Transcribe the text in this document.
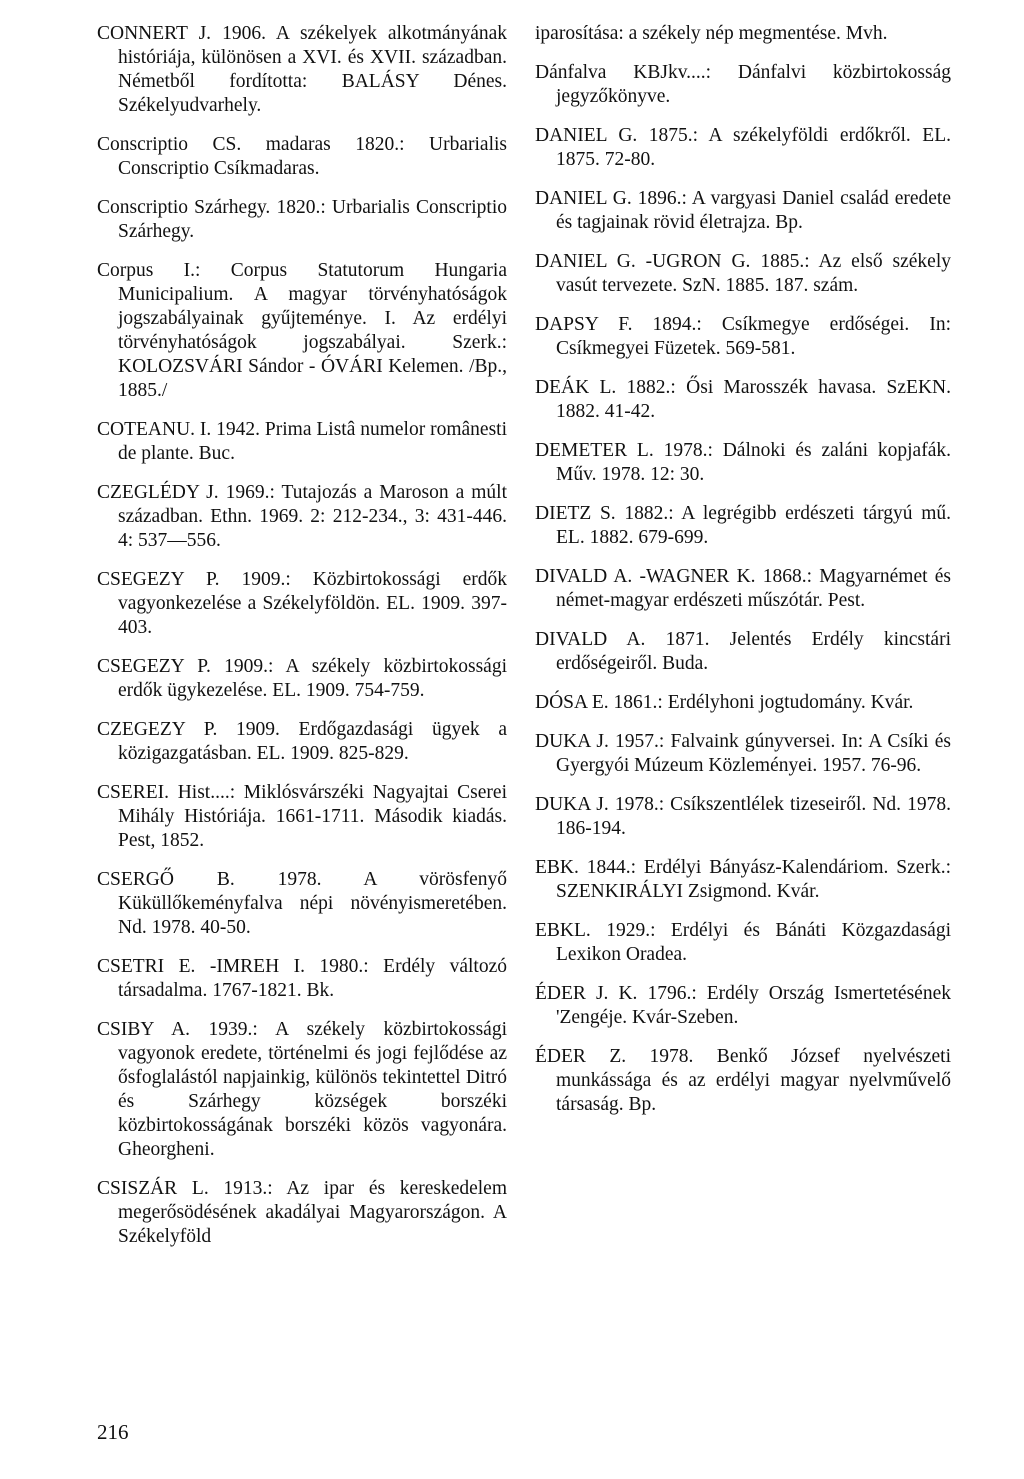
CONNERT J. 1906. A székelyek alkotmányának históriája, különösen a XVI. és XVII. században. Németből fordította: BALÁSY Dénes. Székelyudvarhely.

Conscriptio CS. madaras 1820.: Urbarialis Conscriptio Csíkmadaras.

Conscriptio Szárhegy. 1820.: Urbarialis Conscriptio Szárhegy.

Corpus I.: Corpus Statutorum Hungaria Municipalium. A magyar törvényhatóságok jogszabályainak gyűjteménye. I. Az erdélyi törvényhatóságok jogszabályai. Szerk.: KOLOZSVÁRI Sándor - ÓVÁRI Kelemen. /Bp., 1885./

COTEANU. I. 1942. Prima Listâ numelor românesti de plante. Buc.

CZEGLÉDY J. 1969.: Tutajozás a Maroson a múlt században. Ethn. 1969. 2: 212-234., 3: 431-446. 4: 537—556.

CSEGEZY P. 1909.: Közbirtokossági erdők vagyonkezelése a Székelyföldön. EL. 1909. 397-403.

CSEGEZY P. 1909.: A székely közbirtokossági erdők ügykezelése. EL. 1909. 754-759.

CZEGEZY P. 1909. Erdőgazdasági ügyek a közigazgatásban. EL. 1909. 825-829.

CSEREI. Hist....: Miklósvárszéki Nagyajtai Cserei Mihály Históriája. 1661-1711. Második kiadás. Pest, 1852.

CSERGŐ B. 1978. A vörösfenyő Küküllőkeményfalva népi növényismeretében. Nd. 1978. 40-50.

CSETRI E. -IMREH I. 1980.: Erdély változó társadalma. 1767-1821. Bk.

CSIBY A. 1939.: A székely közbirtokossági vagyonok eredete, történelmi és jogi fejlődése az ősfoglalástól napjainkig, különös tekintettel Ditró és Szárhegy községek borszéki közbirtokosságának borszéki közös vagyonára. Gheorgheni.

CSISZÁR L. 1913.: Az ipar és kereskedelem megerősödésének akadályai Magyarországon. A Székelyföld

iparosítása: a székely nép megmentése. Mvh.

Dánfalva KBJkv....: Dánfalvi közbirtokosság jegyzőkönyve.

DANIEL G. 1875.: A székelyföldi erdőkről. EL. 1875. 72-80.

DANIEL G. 1896.: A vargyasi Daniel család eredete és tagjainak rövid életrajza. Bp.

DANIEL G. -UGRON G. 1885.: Az első székely vasút tervezete. SzN. 1885. 187. szám.

DAPSY F. 1894.: Csíkmegye erdőségei. In: Csíkmegyei Füzetek. 569-581.

DEÁK L. 1882.: Ősi Marosszék havasa. SzEKN. 1882. 41-42.

DEMETER L. 1978.: Dálnoki és zaláni kopjafák. Műv. 1978. 12: 30.

DIETZ S. 1882.: A legrégibb erdészeti tárgyú mű. EL. 1882. 679-699.

DIVALD A. -WAGNER K. 1868.: Magyarnémet és német-magyar erdészeti műszótár. Pest.

DIVALD A. 1871. Jelentés Erdély kincstári erdőségeiről. Buda.

DÓSA E. 1861.: Erdélyhoni jogtudomány. Kvár.

DUKA J. 1957.: Falvaink gúnyversei. In: A Csíki és Gyergyói Múzeum Közleményei. 1957. 76-96.

DUKA J. 1978.: Csíkszentlélek tizeseiről. Nd. 1978. 186-194.

EBK. 1844.: Erdélyi Bányász-Kalendáriom. Szerk.: SZENKIRÁLYI Zsigmond. Kvár.

EBKL. 1929.: Erdélyi és Bánáti Közgazdasági Lexikon Oradea.

ÉDER J. K. 1796.: Erdély Ország Ismertetésének 'Zengéje. Kvár-Szeben.

ÉDER Z. 1978. Benkő József nyelvészeti munkássága és az erdélyi magyar nyelvművelő társaság. Bp.

216
